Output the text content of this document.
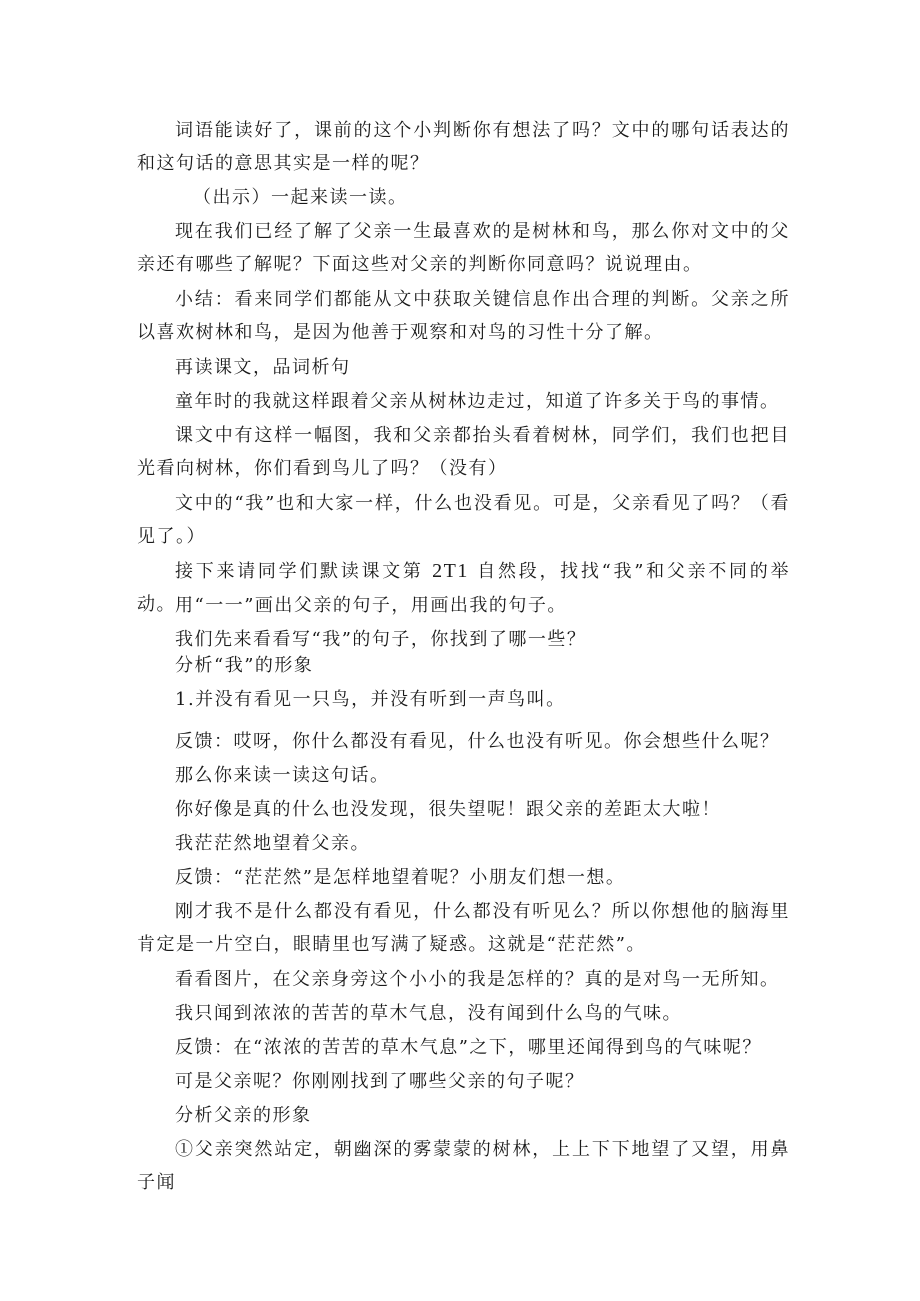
词语能读好了，课前的这个小判断你有想法了吗？文中的哪句话表达的和这句话的意思其实是一样的呢？

（出示）一起来读一读。

现在我们已经了解了父亲一生最喜欢的是树林和鸟，那么你对文中的父亲还有哪些了解呢？下面这些对父亲的判断你同意吗？说说理由。

小结：看来同学们都能从文中获取关键信息作出合理的判断。父亲之所以喜欢树林和鸟，是因为他善于观察和对鸟的习性十分了解。

再读课文，品词析句

童年时的我就这样跟着父亲从树林边走过，知道了许多关于鸟的事情。

课文中有这样一幅图，我和父亲都抬头看着树林，同学们，我们也把目光看向树林，你们看到鸟儿了吗？（没有）

文中的“我”也和大家一样，什么也没看见。可是，父亲看见了吗？（看见了。）

接下来请同学们默读课文第 2T1 自然段，找找“我”和父亲不同的举动。 用“一一”画出父亲的句子，用画出我的句子。

我们先来看看写“我”的句子，你找到了哪一些？

分析“我”的形象

1.并没有看见一只鸟，并没有听到一声鸟叫。

反馈：哎呀，你什么都没有看见，什么也没有听见。你会想些什么呢？

那么你来读一读这句话。

你好像是真的什么也没发现，很失望呢！跟父亲的差距太大啦！

我茫茫然地望着父亲。

反馈：“茫茫然”是怎样地望着呢？小朋友们想一想。

刚才我不是什么都没有看见，什么都没有听见么？所以你想他的脑海里肯定是一片空白，眼睛里也写满了疑惑。这就是“茫茫然”。

看看图片，在父亲身旁这个小小的我是怎样的？真的是对鸟一无所知。

我只闻到浓浓的苦苦的草木气息，没有闻到什么鸟的气味。

反馈：在“浓浓的苦苦的草木气息”之下，哪里还闻得到鸟的气味呢？

可是父亲呢？你刚刚找到了哪些父亲的句子呢？

分析父亲的形象

①父亲突然站定，朝幽深的雾蒙蒙的树林，上上下下地望了又望，用鼻子闻
